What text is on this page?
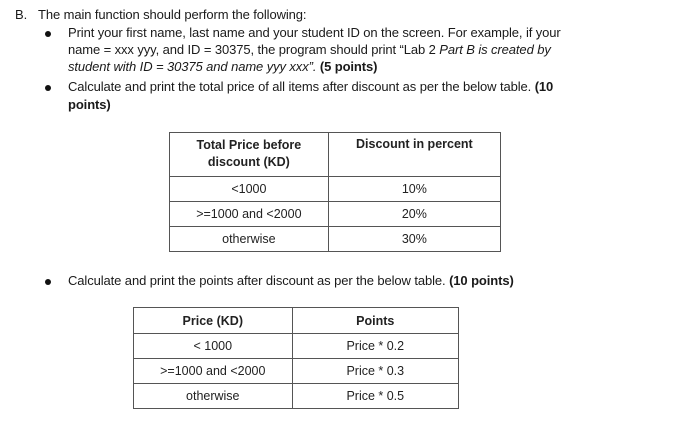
B. The main function should perform the following:
Print your first name, last name and your student ID on the screen. For example, if your
name = xxx yyy, and ID = 30375, the program should print “Lab 2 Part B is created by
student with ID = 30375 and name yyy xxx”. (5 points)
Calculate and print the total price of all items after discount as per the below table. (10
points)
Total Price before discount (KD)	Discount in percent
<1000	10%
>=1000 and <2000	20%
otherwise	30%
Calculate and print the points after discount as per the below table. (10 points)
Price (KD)	Points
< 1000	Price * 0.2
>=1000 and <2000	Price * 0.3
otherwise	Price * 0.5
